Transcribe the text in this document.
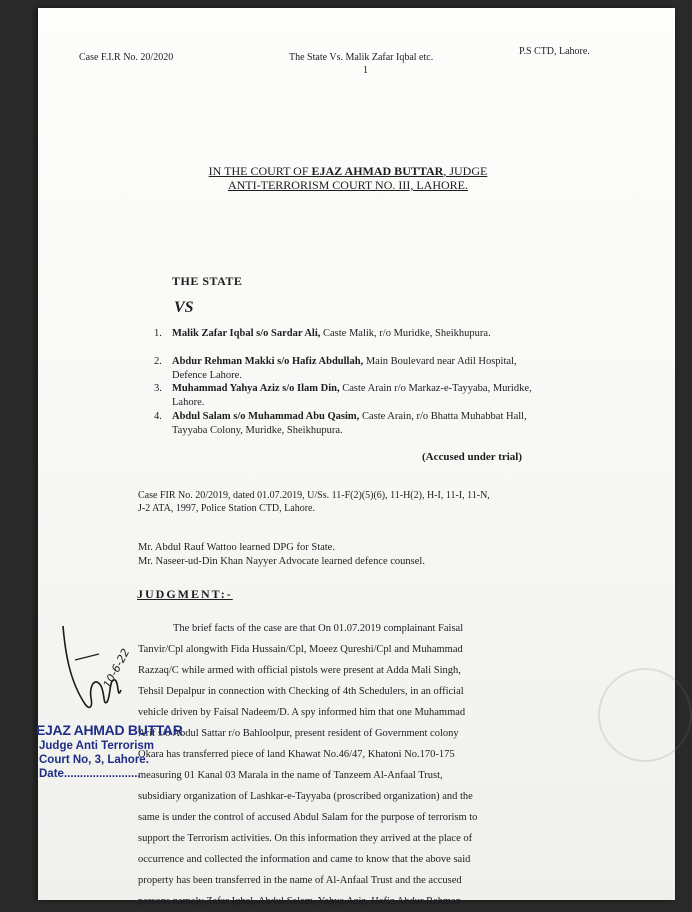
Case F.I.R No. 20/2020	The State Vs. Malik Zafar Iqbal etc.
1
P.S CTD, Lahore.
IN THE COURT OF EJAZ AHMAD BUTTAR, JUDGE
ANTI-TERRORISM COURT NO. III, LAHORE.
THE STATE
VS
1. Malik Zafar Iqbal s/o Sardar Ali, Caste Malik, r/o Muridke, Sheikhupura.
2. Abdur Rehman Makki s/o Hafiz Abdullah, Main Boulevard near Adil Hospital, Defence Lahore.
3. Muhammad Yahya Aziz s/o Ilam Din, Caste Arain r/o Markaz-e-Tayyaba, Muridke, Lahore.
4. Abdul Salam s/o Muhammad Abu Qasim, Caste Arain, r/o Bhatta Muhabbat Hall, Tayyaba Colony, Muridke, Sheikhupura.
(Accused under trial)
Case FIR No. 20/2019, dated 01.07.2019, U/Ss. 11-F(2)(5)(6), 11-H(2), H-I, 11-I, 11-N,
J-2 ATA, 1997, Police Station CTD, Lahore.
Mr. Abdul Rauf Wattoo learned DPG for State.
Mr. Naseer-ud-Din Khan Nayyer Advocate learned defence counsel.
JUDGMENT:-
The brief facts of the case are that On 01.07.2019 complainant Faisal
Tanvir/Cpl alongwith Fida Hussain/Cpl, Moeez Qureshi/Cpl and Muhammad
Razzaq/C while armed with official pistols were present at Adda Mali Singh,
Tehsil Depalpur in connection with Checking of 4th Schedulers, in an official
vehicle driven by Faisal Nadeem/D. A spy informed him that one Muhammad
Arif s/o Abdul Sattar r/o Bahloolpur, present resident of Government colony
Okara has transferred piece of land Khawat No.46/47, Khatoni No.170-175
measuring 01 Kanal 03 Marala in the name of Tanzeem Al-Anfaal Trust,
subsidiary organization of Lashkar-e-Tayyaba (proscribed organization) and the
same is under the control of accused Abdul Salam for the purpose of terrorism to
support the Terrorism activities. On this information they arrived at the place of
occurrence and collected the information and came to know that the above said
property has been transferred in the name of Al-Anfaal Trust and the accused
persons namely Zafar Iqbal, Abdul Salam, Yahya Aziz, Hafiz Abdur Rehman
10-6-22
EJAZ AHMAD BUTTAR
Judge Anti Terrorism
Court No, 3, Lahore.
Date........................
